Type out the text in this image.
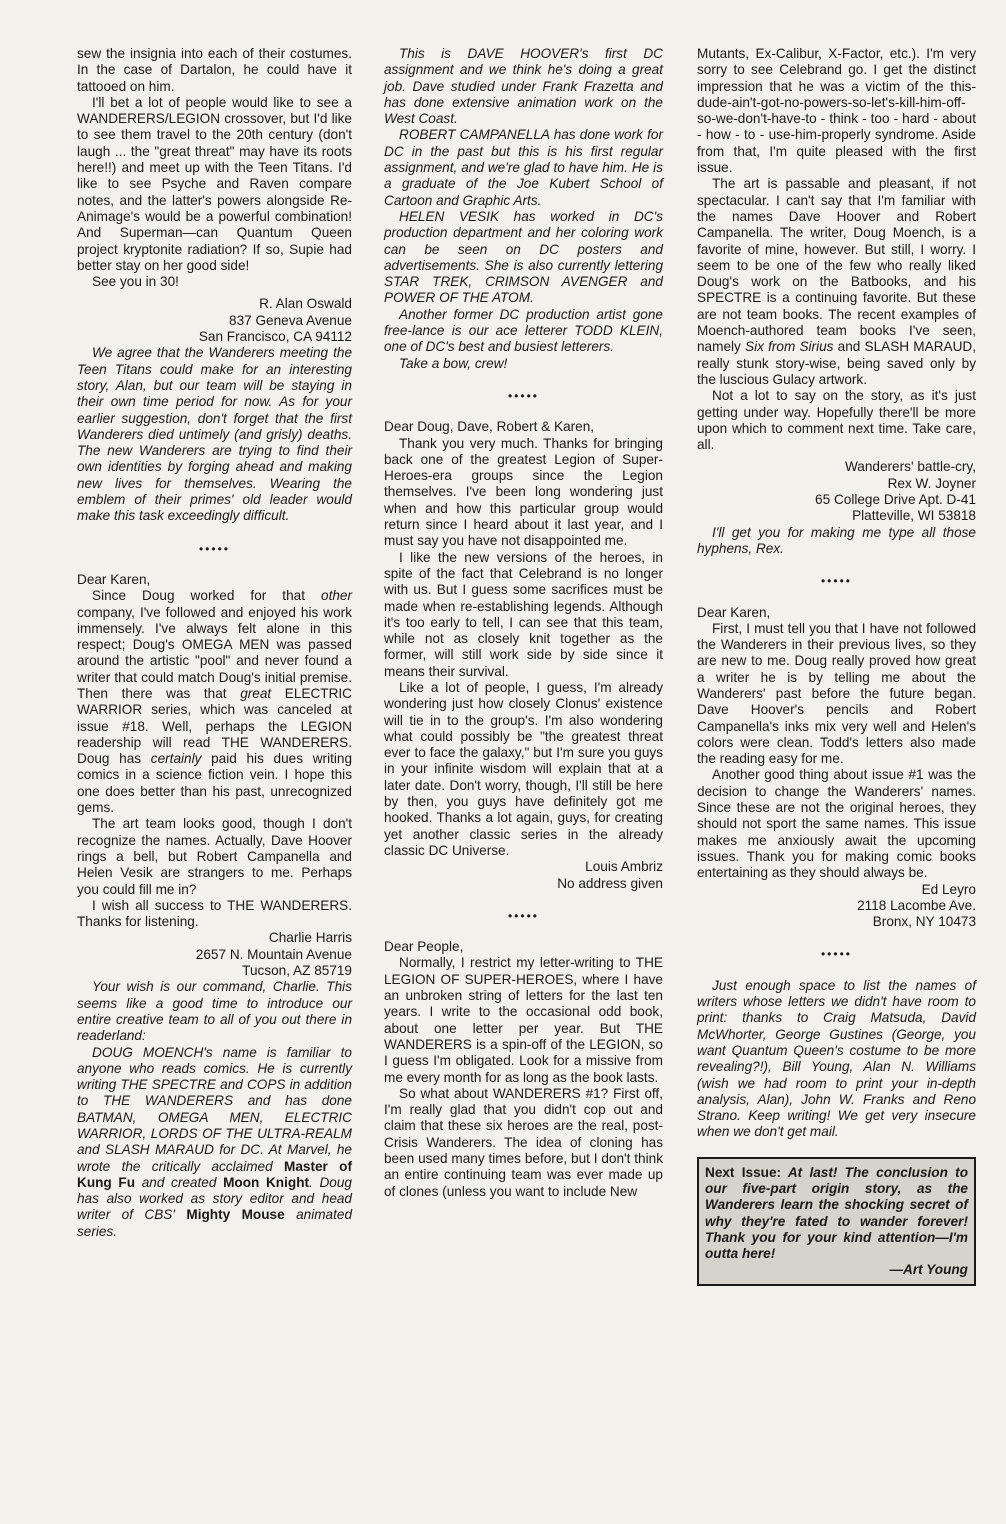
sew the insignia into each of their costumes. In the case of Dartalon, he could have it tattooed on him.

I'll bet a lot of people would like to see a WANDERERS/LEGION crossover, but I'd like to see them travel to the 20th century (don't laugh ... the "great threat" may have its roots here!!) and meet up with the Teen Titans. I'd like to see Psyche and Raven compare notes, and the latter's powers alongside Re-Animage's would be a powerful combination! And Superman—can Quantum Queen project kryptonite radiation? If so, Supie had better stay on her good side!

See you in 30!

R. Alan Oswald

837 Geneva Avenue

San Francisco, CA 94112

We agree that the Wanderers meeting the Teen Titans could make for an interesting story, Alan, but our team will be staying in their own time period for now. As for your earlier suggestion, don't forget that the first Wanderers died untimely (and grisly) deaths. The new Wanderers are trying to find their own identities by forging ahead and making new lives for themselves. Wearing the emblem of their primes' old leader would make this task exceedingly difficult.

•••••

Dear Karen,

Since Doug worked for that other company, I've followed and enjoyed his work immensely. I've always felt alone in this respect; Doug's OMEGA MEN was passed around the artistic "pool" and never found a writer that could match Doug's initial premise. Then there was that great ELECTRIC WARRIOR series, which was canceled at issue #18. Well, perhaps the LEGION readership will read THE WANDERERS. Doug has certainly paid his dues writing comics in a science fiction vein. I hope this one does better than his past, unrecognized gems.

The art team looks good, though I don't recognize the names. Actually, Dave Hoover rings a bell, but Robert Campanella and Helen Vesik are strangers to me. Perhaps you could fill me in?

I wish all success to THE WANDERERS. Thanks for listening.

Charlie Harris

2657 N. Mountain Avenue

Tucson, AZ 85719

Your wish is our command, Charlie. This seems like a good time to introduce our entire creative team to all of you out there in readerland:

DOUG MOENCH's name is familiar to anyone who reads comics. He is currently writing THE SPECTRE and COPS in addition to THE WANDERERS and has done BATMAN, OMEGA MEN, ELECTRIC WARRIOR, LORDS OF THE ULTRA-REALM and SLASH MARAUD for DC. At Marvel, he wrote the critically acclaimed Master of Kung Fu and created Moon Knight. Doug has also worked as story editor and head writer of CBS' Mighty Mouse animated series.

This is DAVE HOOVER's first DC assignment and we think he's doing a great job. Dave studied under Frank Frazetta and has done extensive animation work on the West Coast.

ROBERT CAMPANELLA has done work for DC in the past but this is his first regular assignment, and we're glad to have him. He is a graduate of the Joe Kubert School of Cartoon and Graphic Arts.

HELEN VESIK has worked in DC's production department and her coloring work can be seen on DC posters and advertisements. She is also currently lettering STAR TREK, CRIMSON AVENGER and POWER OF THE ATOM.

Another former DC production artist gone free-lance is our ace letterer TODD KLEIN, one of DC's best and busiest letterers.

Take a bow, crew!

•••••

Dear Doug, Dave, Robert & Karen,

Thank you very much. Thanks for bringing back one of the greatest Legion of Super-Heroes-era groups since the Legion themselves. I've been long wondering just when and how this particular group would return since I heard about it last year, and I must say you have not disappointed me.

I like the new versions of the heroes, in spite of the fact that Celebrand is no longer with us. But I guess some sacrifices must be made when re-establishing legends. Although it's too early to tell, I can see that this team, while not as closely knit together as the former, will still work side by side since it means their survival.

Like a lot of people, I guess, I'm already wondering just how closely Clonus' existence will tie in to the group's. I'm also wondering what could possibly be "the greatest threat ever to face the galaxy," but I'm sure you guys in your infinite wisdom will explain that at a later date. Don't worry, though, I'll still be here by then, you guys have definitely got me hooked. Thanks a lot again, guys, for creating yet another classic series in the already classic DC Universe.

Louis Ambriz

No address given

•••••

Dear People,

Normally, I restrict my letter-writing to THE LEGION OF SUPER-HEROES, where I have an unbroken string of letters for the last ten years. I write to the occasional odd book, about one letter per year. But THE WANDERERS is a spin-off of the LEGION, so I guess I'm obligated. Look for a missive from me every month for as long as the book lasts.

So what about WANDERERS #1? First off, I'm really glad that you didn't cop out and claim that these six heroes are the real, post-Crisis Wanderers. The idea of cloning has been used many times before, but I don't think an entire continuing team was ever made up of clones (unless you want to include New

Mutants, Ex-Calibur, X-Factor, etc.). I'm very sorry to see Celebrand go. I get the distinct impression that he was a victim of the this-dude-ain't-got-no-powers-so-let's-kill-him-off-so-we-don't-have-to - think - too - hard - about - how - to - use-him-properly syndrome. Aside from that, I'm quite pleased with the first issue.

The art is passable and pleasant, if not spectacular. I can't say that I'm familiar with the names Dave Hoover and Robert Campanella. The writer, Doug Moench, is a favorite of mine, however. But still, I worry. I seem to be one of the few who really liked Doug's work on the Batbooks, and his SPECTRE is a continuing favorite. But these are not team books. The recent examples of Moench-authored team books I've seen, namely Six from Sirius and SLASH MARAUD, really stunk story-wise, being saved only by the luscious Gulacy artwork.

Not a lot to say on the story, as it's just getting under way. Hopefully there'll be more upon which to comment next time. Take care, all.

Wanderers' battle-cry,

Rex W. Joyner

65 College Drive Apt. D-41

Platteville, WI 53818

I'll get you for making me type all those hyphens, Rex.

•••••

Dear Karen,

First, I must tell you that I have not followed the Wanderers in their previous lives, so they are new to me. Doug really proved how great a writer he is by telling me about the Wanderers' past before the future began. Dave Hoover's pencils and Robert Campanella's inks mix very well and Helen's colors were clean. Todd's letters also made the reading easy for me.

Another good thing about issue #1 was the decision to change the Wanderers' names. Since these are not the original heroes, they should not sport the same names. This issue makes me anxiously await the upcoming issues. Thank you for making comic books entertaining as they should always be.

Ed Leyro

2118 Lacombe Ave.

Bronx, NY 10473

•••••

Just enough space to list the names of writers whose letters we didn't have room to print: thanks to Craig Matsuda, David McWhorter, George Gustines (George, you want Quantum Queen's costume to be more revealing?!), Bill Young, Alan N. Williams (wish we had room to print your in-depth analysis, Alan), John W. Franks and Reno Strano. Keep writing! We get very insecure when we don't get mail.

Next Issue: At last! The conclusion to our five-part origin story, as the Wanderers learn the shocking secret of why they're fated to wander forever! Thank you for your kind attention—I'm outta here!

—Art Young
